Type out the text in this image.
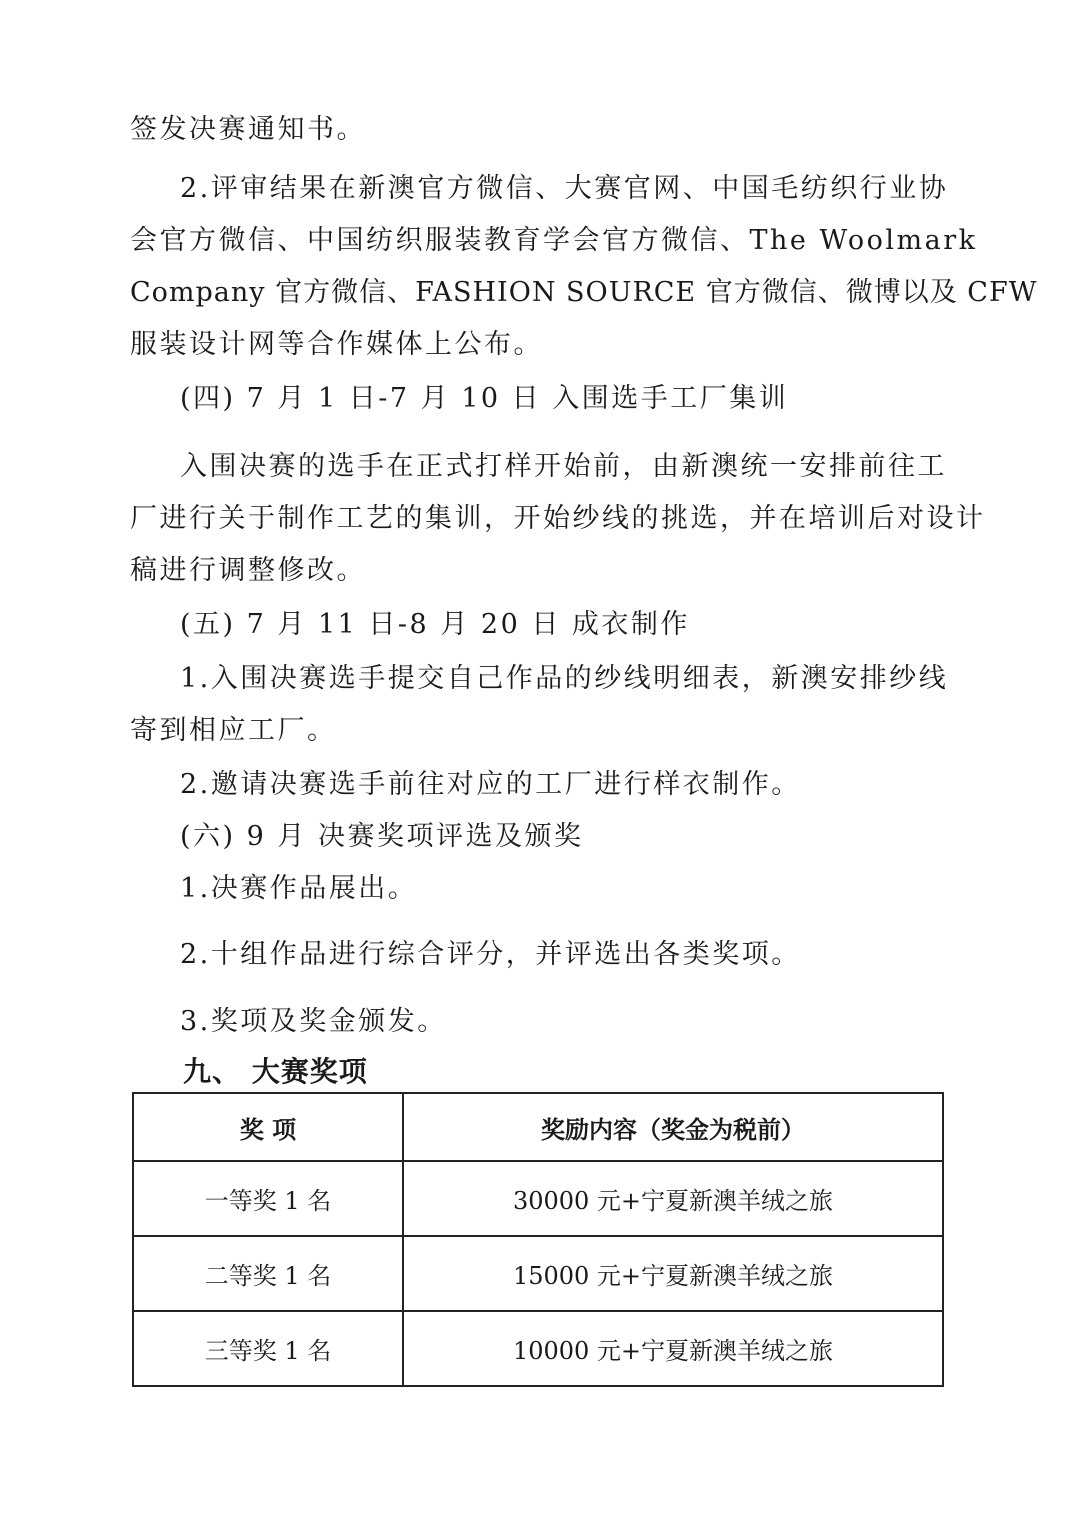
签发决赛通知书。
2.评审结果在新澳官方微信、大赛官网、中国毛纺织行业协
会官方微信、中国纺织服装教育学会官方微信、The Woolmark
Company 官方微信、FASHION SOURCE 官方微信、微博以及 CFW
服装设计网等合作媒体上公布。
(四) 7 月 1 日-7 月 10 日 入围选手工厂集训
入围决赛的选手在正式打样开始前，由新澳统一安排前往工
厂进行关于制作工艺的集训，开始纱线的挑选，并在培训后对设计
稿进行调整修改。
(五) 7 月 11 日-8 月 20 日 成衣制作
1.入围决赛选手提交自己作品的纱线明细表，新澳安排纱线
寄到相应工厂。
2.邀请决赛选手前往对应的工厂进行样衣制作。
(六) 9 月 决赛奖项评选及颁奖
1.决赛作品展出。
2.十组作品进行综合评分，并评选出各类奖项。
3.奖项及奖金颁发。
九、 大赛奖项
奖 项	奖励内容（奖金为税前）
一等奖 1 名	30000 元+宁夏新澳羊绒之旅
二等奖 1 名	15000 元+宁夏新澳羊绒之旅
三等奖 1 名	10000 元+宁夏新澳羊绒之旅
